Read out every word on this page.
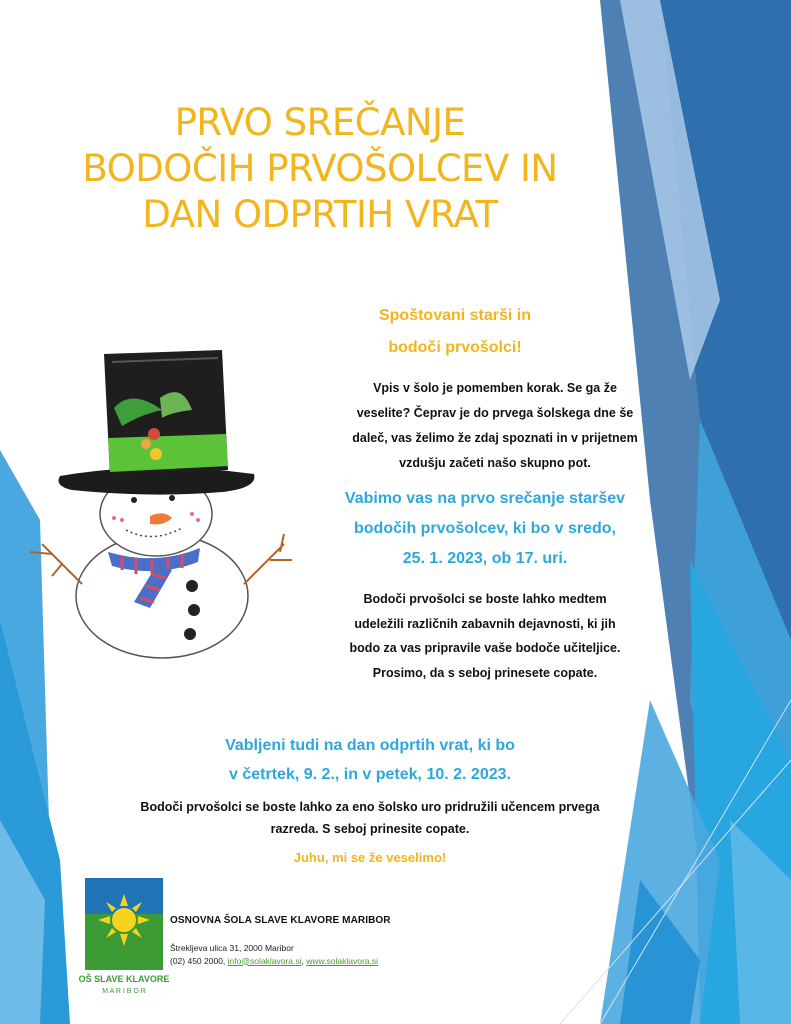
PRVO SREČANJE
BODOČIH PRVOŠOLCEV IN
DAN ODPRTIH VRAT
Spoštovani starši in
bodoči prvošolci!
Vpis v šolo je pomemben korak. Se ga že
veselite? Čeprav je do prvega šolskega dne še
daleč, vas želimo že zdaj spoznati in v prijetnem
vzdušju začeti našo skupno pot.
Vabimo vas na prvo srečanje staršev
bodočih prvošolcev, ki bo v sredo,
25. 1. 2023, ob 17. uri.
Bodoči prvošolci se boste lahko medtem
udeležili različnih zabavnih dejavnosti, ki jih
bodo za vas pripravile vaše bodoče učiteljice.
Prosimo, da s seboj prinesete copate.
Vabljeni tudi na dan odprtih vrat, ki bo
v četrtek, 9. 2., in v petek, 10. 2. 2023.
Bodoči prvošolci se boste lahko za eno šolsko uro pridružili učencem prvega
razreda. S seboj prinesite copate.
Juhu, mi se že veselimo!
OŠ SLAVE KLAVORE
M A R I B O R
OSNOVNA ŠOLA SLAVE KLAVORE MARIBOR
Štrekljeva ulica 31, 2000 Maribor
(02) 450 2000, info@solaklavora.si, www.solaklavora.si
